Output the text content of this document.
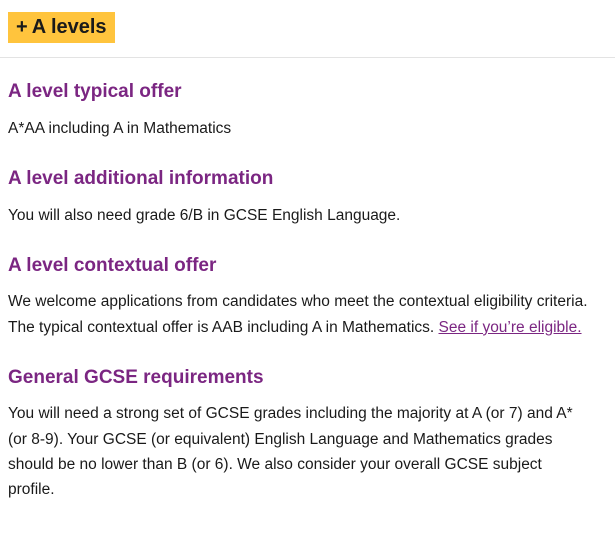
+ A levels
A level typical offer

A*AA including A in Mathematics

A level additional information

You will also need grade 6/B in GCSE English Language.

A level contextual offer

We welcome applications from candidates who meet the contextual eligibility criteria. The typical contextual offer is AAB including A in Mathematics. See if you’re eligible.

General GCSE requirements

You will need a strong set of GCSE grades including the majority at A (or 7) and A* (or 8-9). Your GCSE (or equivalent) English Language and Mathematics grades should be no lower than B (or 6). We also consider your overall GCSE subject profile.
